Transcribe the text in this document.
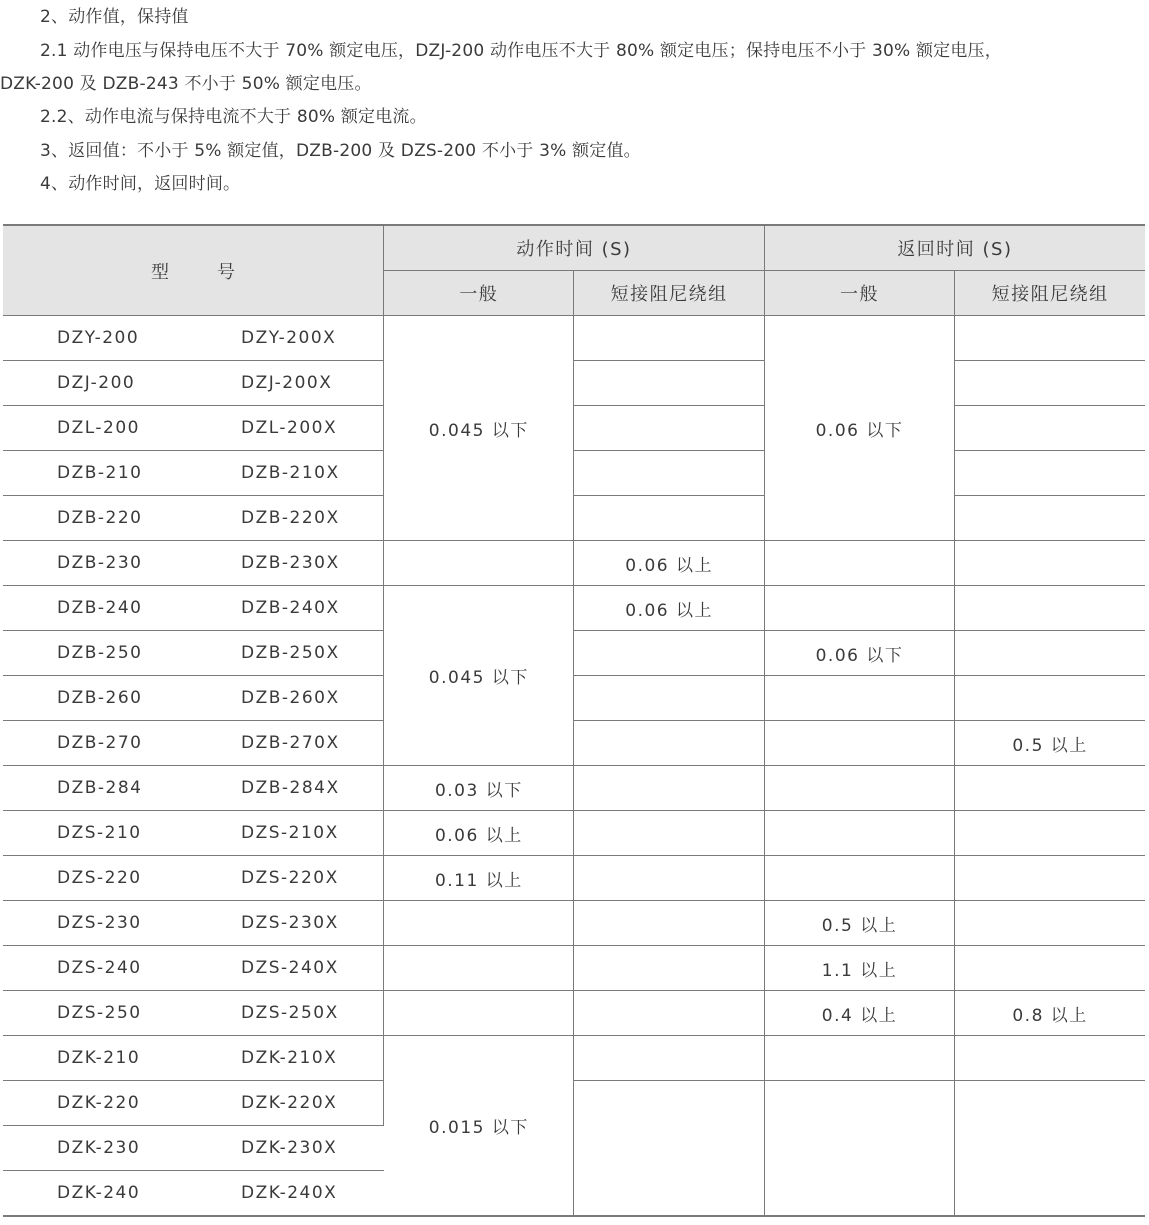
2、动作值，保持值

2.1 动作电压与保持电压不大于 70% 额定电压，DZJ-200 动作电压不大于 80% 额定电压；保持电压不小于 30% 额定电压，

DZK-200 及 DZB-243 不小于 50% 额定电压。

2.2、动作电流与保持电流不大于 80% 额定电流。

3、返回值：不小于 5% 额定值，DZB-200 及 DZS-200 不小于 3% 额定值。

4、动作时间，返回时间。

型 号	动作时间 (S)		返回时间 (S)	
	一般	短接阻尼绕组	一般	短接阻尼绕组

DZY-200 DZY-200X	0.045 以下		0.06 以下	

DZJ-200 DZJ-200X				

DZL-200 DZL-200X				

DZB-210 DZB-210X				

DZB-220 DZB-220X				

DZB-230 DZB-230X		0.06 以上		

DZB-240 DZB-240X	0.045 以下	0.06 以上		

DZB-250 DZB-250X			0.06 以下	

DZB-260 DZB-260X				

DZB-270 DZB-270X				0.5 以上

DZB-284 DZB-284X	0.03 以下			

DZS-210 DZS-210X	0.06 以上			

DZS-220 DZS-220X	0.11 以上			

DZS-230 DZS-230X			0.5 以上	

DZS-240 DZS-240X			1.1 以上	

DZS-250 DZS-250X			0.4 以上	0.8 以上

DZK-210 DZK-210X	0.015 以下			

DZK-220 DZK-220X				

DZK-230 DZK-230X				

DZK-240 DZK-240X				
